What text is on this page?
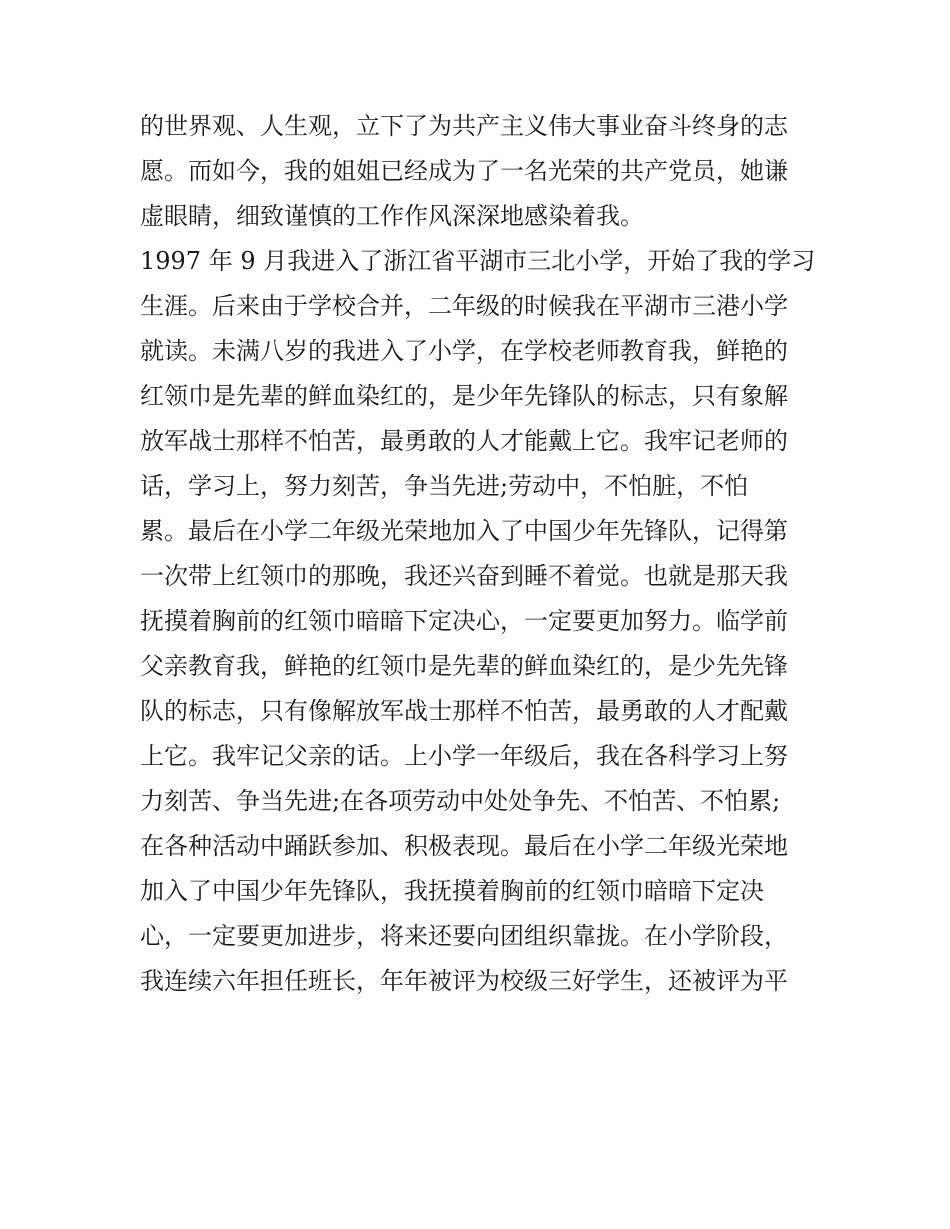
的世界观、人生观，立下了为共产主义伟大事业奋斗终身的志
愿。而如今，我的姐姐已经成为了一名光荣的共产党员，她谦
虚眼睛，细致谨慎的工作作风深深地感染着我。
1997 年 9 月我进入了浙江省平湖市三北小学，开始了我的学习
生涯。后来由于学校合并，二年级的时候我在平湖市三港小学
就读。未满八岁的我进入了小学，在学校老师教育我，鲜艳的
红领巾是先辈的鲜血染红的，是少年先锋队的标志，只有象解
放军战士那样不怕苦，最勇敢的人才能戴上它。我牢记老师的
话，学习上，努力刻苦，争当先进;劳动中，不怕脏，不怕
累。最后在小学二年级光荣地加入了中国少年先锋队，记得第
一次带上红领巾的那晚，我还兴奋到睡不着觉。也就是那天我
抚摸着胸前的红领巾暗暗下定决心，一定要更加努力。临学前
父亲教育我，鲜艳的红领巾是先辈的鲜血染红的，是少先先锋
队的标志，只有像解放军战士那样不怕苦，最勇敢的人才配戴
上它。我牢记父亲的话。上小学一年级后，我在各科学习上努
力刻苦、争当先进;在各项劳动中处处争先、不怕苦、不怕累;
在各种活动中踊跃参加、积极表现。最后在小学二年级光荣地
加入了中国少年先锋队，我抚摸着胸前的红领巾暗暗下定决
心，一定要更加进步，将来还要向团组织靠拢。在小学阶段，
我连续六年担任班长，年年被评为校级三好学生，还被评为平
